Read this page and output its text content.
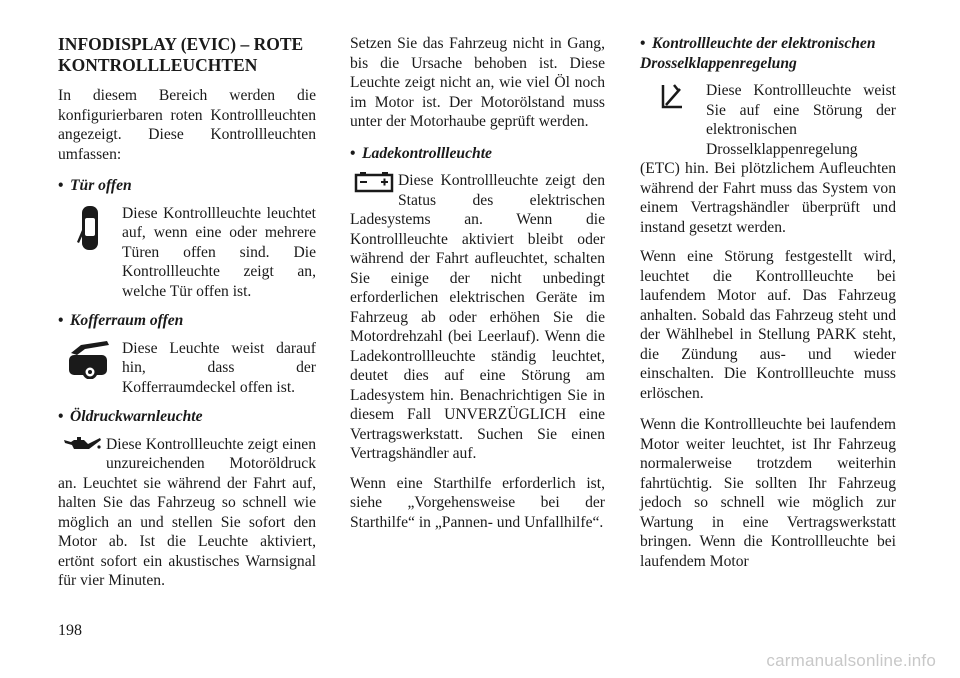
INFODISPLAY (EVIC) – ROTE KONTROLLLEUCHTEN

In diesem Bereich werden die konfigurierbaren roten Kontrollleuchten angezeigt. Diese Kontrollleuchten umfassen:

• Tür offen

Diese Kontrollleuchte leuchtet auf, wenn eine oder mehrere Türen offen sind. Die Kontrollleuchte zeigt an, welche Tür offen ist.

• Kofferraum offen

Diese Leuchte weist darauf hin, dass der Kofferraumdeckel offen ist.

• Öldruckwarnleuchte

Diese Kontrollleuchte zeigt einen unzureichenden Motoröldruck an. Leuchtet sie während der Fahrt auf, halten Sie das Fahrzeug so schnell wie möglich an und stellen Sie sofort den Motor ab. Ist die Leuchte aktiviert, ertönt sofort ein akustisches Warnsignal für vier Minuten.

Setzen Sie das Fahrzeug nicht in Gang, bis die Ursache behoben ist. Diese Leuchte zeigt nicht an, wie viel Öl noch im Motor ist. Der Motorölstand muss unter der Motorhaube geprüft werden.

• Ladekontrollleuchte

Diese Kontrollleuchte zeigt den Status des elektrischen Ladesystems an. Wenn die Kontrollleuchte aktiviert bleibt oder während der Fahrt aufleuchtet, schalten Sie einige der nicht unbedingt erforderlichen elektrischen Geräte im Fahrzeug ab oder erhöhen Sie die Motordrehzahl (bei Leerlauf). Wenn die Ladekontrollleuchte ständig leuchtet, deutet dies auf eine Störung am Ladesystem hin. Benachrichtigen Sie in diesem Fall UNVERZÜGLICH eine Vertragswerkstatt. Suchen Sie einen Vertragshändler auf.

Wenn eine Starthilfe erforderlich ist, siehe „Vorgehensweise bei der Starthilfe“ in „Pannen- und Unfallhilfe“.

• Kontrollleuchte der elektronischen Drosselklappenregelung

Diese Kontrollleuchte weist Sie auf eine Störung der elektronischen Drosselklappenregelung (ETC) hin. Bei plötzlichem Aufleuchten während der Fahrt muss das System von einem Vertragshändler überprüft und instand gesetzt werden.

Wenn eine Störung festgestellt wird, leuchtet die Kontrollleuchte bei laufendem Motor auf. Das Fahrzeug anhalten. Sobald das Fahrzeug steht und der Wählhebel in Stellung PARK steht, die Zündung aus- und wieder einschalten. Die Kontrollleuchte muss erlöschen.

Wenn die Kontrollleuchte bei laufendem Motor weiter leuchtet, ist Ihr Fahrzeug normalerweise trotzdem weiterhin fahrtüchtig. Sie sollten Ihr Fahrzeug jedoch so schnell wie möglich zur Wartung in eine Vertragswerkstatt bringen. Wenn die Kontrollleuchte bei laufendem Motor

198
carmanualsonline.info
